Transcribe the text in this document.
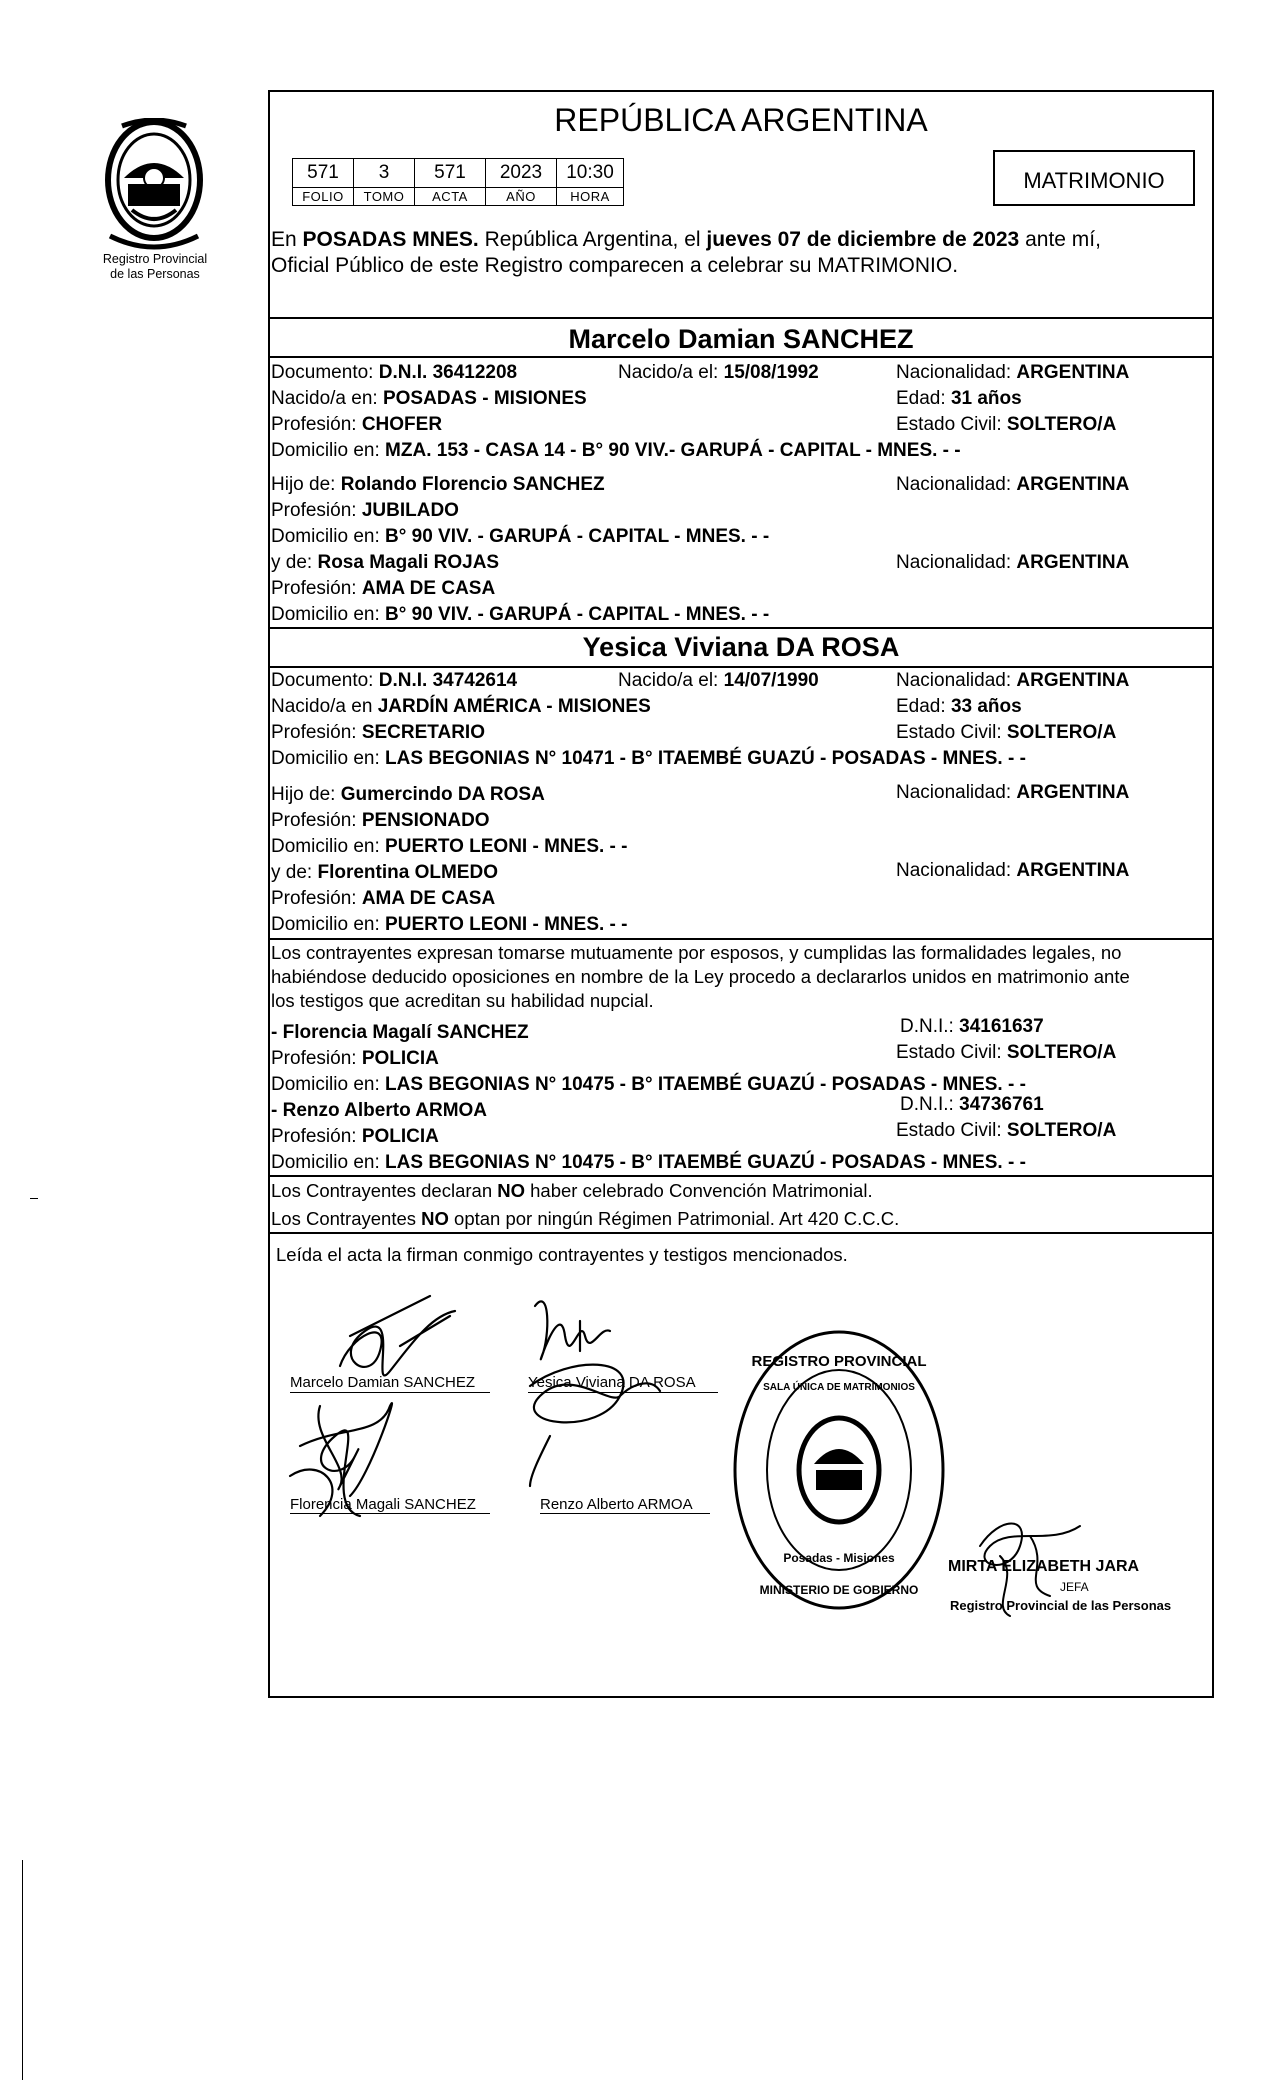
Registro Provincial
de las Personas
REPÚBLICA ARGENTINA
571	3	571	2023	10:30
FOLIO	TOMO	ACTA	AÑO	HORA
MATRIMONIO
En POSADAS MNES. República Argentina, el jueves 07 de diciembre de 2023 ante mí,
Oficial Público de este Registro comparecen a celebrar su MATRIMONIO.
Marcelo Damian SANCHEZ
Documento: D.N.I. 36412208	Nacido/a el: 15/08/1992	Nacionalidad: ARGENTINA
Nacido/a en: POSADAS - MISIONES	Edad: 31 años
Profesión: CHOFER	Estado Civil: SOLTERO/A
Domicilio en: MZA. 153 - CASA 14 - B° 90 VIV.- GARUPÁ - CAPITAL - MNES. - -
Hijo de: Rolando Florencio SANCHEZ	Nacionalidad: ARGENTINA
Profesión: JUBILADO
Domicilio en: B° 90 VIV. - GARUPÁ - CAPITAL - MNES. - -
y de: Rosa Magali ROJAS	Nacionalidad: ARGENTINA
Profesión: AMA DE CASA
Domicilio en: B° 90 VIV. - GARUPÁ - CAPITAL - MNES. - -
Yesica Viviana DA ROSA
Documento: D.N.I. 34742614	Nacido/a el: 14/07/1990	Nacionalidad: ARGENTINA
Nacido/a en JARDÍN AMÉRICA - MISIONES	Edad: 33 años
Profesión: SECRETARIO	Estado Civil: SOLTERO/A
Domicilio en: LAS BEGONIAS N° 10471 - B° ITAEMBÉ GUAZÚ - POSADAS - MNES. - -
Hijo de: Gumercindo DA ROSA	Nacionalidad: ARGENTINA
Profesión: PENSIONADO
Domicilio en: PUERTO LEONI - MNES. - -
y de: Florentina OLMEDO	Nacionalidad: ARGENTINA
Profesión: AMA DE CASA
Domicilio en: PUERTO LEONI - MNES. - -
Los contrayentes expresan tomarse mutuamente por esposos, y cumplidas las formalidades legales, no
habiéndose deducido oposiciones en nombre de la Ley procedo a declararlos unidos en matrimonio ante
los testigos que acreditan su habilidad nupcial.
- Florencia Magalí SANCHEZ	D.N.I.: 34161637
Profesión: POLICIA	Estado Civil: SOLTERO/A
Domicilio en: LAS BEGONIAS N° 10475 - B° ITAEMBÉ GUAZÚ - POSADAS - MNES. - -
- Renzo Alberto ARMOA	D.N.I.: 34736761
Profesión: POLICIA	Estado Civil: SOLTERO/A
Domicilio en: LAS BEGONIAS N° 10475 - B° ITAEMBÉ GUAZÚ - POSADAS - MNES. - -
Los Contrayentes declaran NO haber celebrado Convención Matrimonial.
Los Contrayentes NO optan por ningún Régimen Patrimonial. Art 420 C.C.C.
Leída el acta la firman conmigo contrayentes y testigos mencionados.
Marcelo Damian SANCHEZ	Yesica Viviana DA ROSA
Florencia Magali SANCHEZ	Renzo Alberto ARMOA
REGISTRO PROVINCIAL
SALA ÚNICA DE MATRIMONIOS
Posadas - Misiones
MINISTERIO DE GOBIERNO
MIRTA ELIZABETH JARA
JEFA
Registro Provincial de las Personas
